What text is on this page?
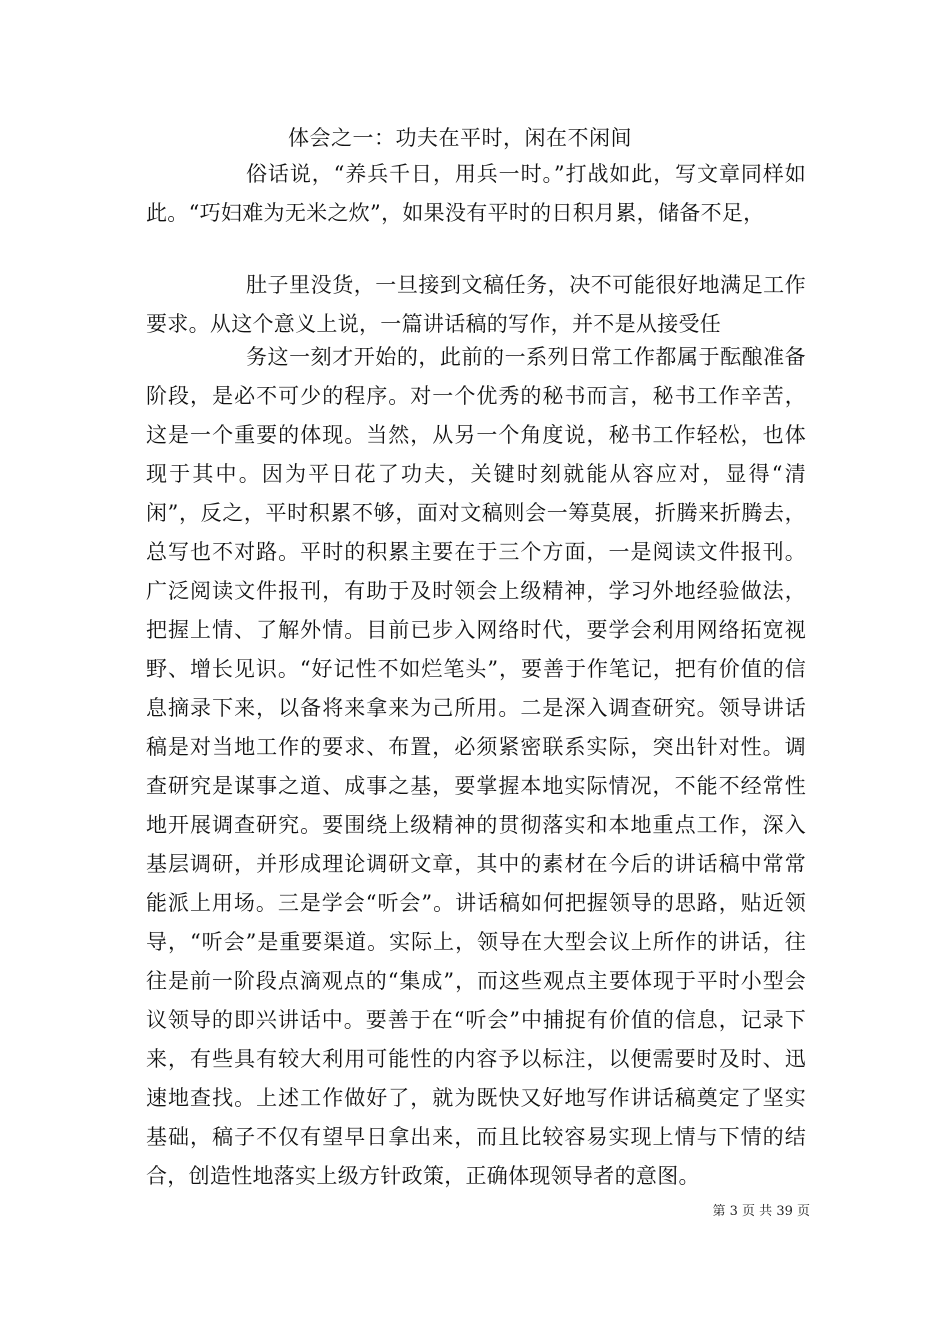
体会之一：功夫在平时，闲在不闲间

俗话说，“养兵千日，用兵一时。”打战如此，写文章同样如此。“巧妇难为无米之炊”，如果没有平时的日积月累，储备不足，

肚子里没货，一旦接到文稿任务，决不可能很好地满足工作要求。从这个意义上说，一篇讲话稿的写作，并不是从接受任

务这一刻才开始的，此前的一系列日常工作都属于酝酿准备阶段，是必不可少的程序。对一个优秀的秘书而言，秘书工作辛苦，这是一个重要的体现。当然，从另一个角度说，秘书工作轻松，也体现于其中。因为平日花了功夫，关键时刻就能从容应对，显得“清闲”，反之，平时积累不够，面对文稿则会一筹莫展，折腾来折腾去，总写也不对路。平时的积累主要在于三个方面，一是阅读文件报刊。广泛阅读文件报刊，有助于及时领会上级精神，学习外地经验做法，把握上情、了解外情。目前已步入网络时代，要学会利用网络拓宽视野、增长见识。“好记性不如烂笔头”，要善于作笔记，把有价值的信息摘录下来，以备将来拿来为己所用。二是深入调查研究。领导讲话稿是对当地工作的要求、布置，必须紧密联系实际，突出针对性。调查研究是谋事之道、成事之基，要掌握本地实际情况，不能不经常性地开展调查研究。要围绕上级精神的贯彻落实和本地重点工作，深入基层调研，并形成理论调研文章，其中的素材在今后的讲话稿中常常能派上用场。三是学会“听会”。讲话稿如何把握领导的思路，贴近领导，“听会”是重要渠道。实际上，领导在大型会议上所作的讲话，往往是前一阶段点滴观点的“集成”，而这些观点主要体现于平时小型会议领导的即兴讲话中。要善于在“听会”中捕捉有价值的信息，记录下来，有些具有较大利用可能性的内容予以标注，以便需要时及时、迅速地查找。上述工作做好了，就为既快又好地写作讲话稿奠定了坚实基础，稿子不仅有望早日拿出来，而且比较容易实现上情与下情的结合，创造性地落实上级方针政策，正确体现领导者的意图。

第 3 页 共 39 页
